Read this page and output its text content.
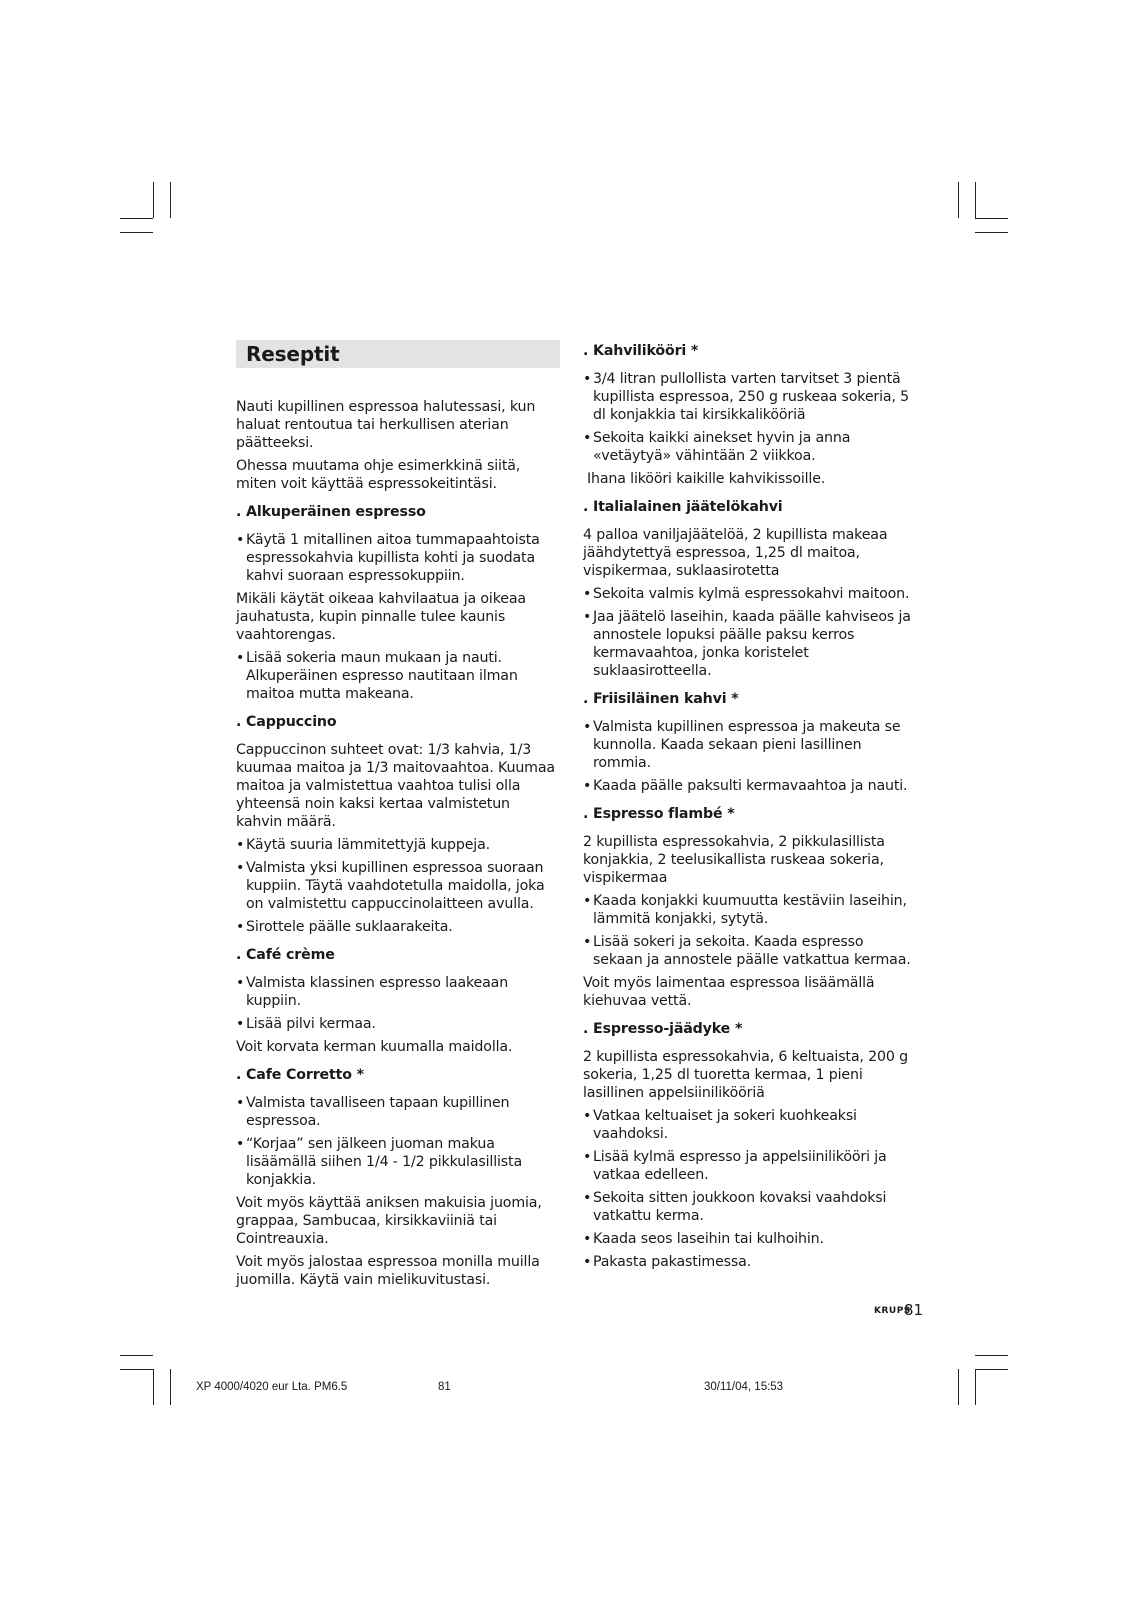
Reseptit

Nauti kupillinen espressoa halutessasi, kun haluat rentoutua tai herkullisen aterian päätteeksi.

Ohessa muutama ohje esimerkkinä siitä, miten voit käyttää espressokeitintäsi.

. Alkuperäinen espresso
• Käytä 1 mitallinen aitoa tummapaahtoista espressokahvia kupillista kohti ja suodata kahvi suoraan espressokuppiin.

Mikäli käytät oikeaa kahvilaatua ja oikeaa jauhatusta, kupin pinnalle tulee kaunis vaahtorengas.

• Lisää sokeria maun mukaan ja nauti. Alkuperäinen espresso nautitaan ilman maitoa mutta makeana.
. Cappuccino

Cappuccinon suhteet ovat: 1/3 kahvia, 1/3 kuumaa maitoa ja 1/3 maitovaahtoa. Kuumaa maitoa ja valmistettua vaahtoa tulisi olla yhteensä noin kaksi kertaa valmistetun kahvin määrä.

• Käytä suuria lämmitettyjä kuppeja.
• Valmista yksi kupillinen espressoa suoraan kuppiin. Täytä vaahdotetulla maidolla, joka on valmistettu cappuccinolaitteen avulla.
• Sirottele päälle suklaarakeita.
. Café crème
• Valmista klassinen espresso laakeaan kuppiin.
• Lisää pilvi kermaa.

Voit korvata kerman kuumalla maidolla.

. Cafe Corretto *
• Valmista tavalliseen tapaan kupillinen espressoa.
• “Korjaa” sen jälkeen juoman makua lisäämällä siihen 1/4 - 1/2 pikkulasillista konjakkia.

Voit myös käyttää aniksen makuisia juomia, grappaa, Sambucaa, kirsikkaviiniä tai Cointreauxia.

Voit myös jalostaa espressoa monilla muilla juomilla. Käytä vain mielikuvitustasi.

. Kahvilikööri *
• 3/4 litran pullollista varten tarvitset 3 pientä kupillista espressoa, 250 g ruskeaa sokeria, 5 dl konjakkia tai kirsikkalikööriä
• Sekoita kaikki ainekset hyvin ja anna «vetäytyä» vähintään 2 viikkoa.

Ihana likööri kaikille kahvikissoille.

. Italialainen jäätelökahvi

4 palloa vaniljajäätelöä, 2 kupillista makeaa jäähdytettyä espressoa, 1,25 dl maitoa, vispikermaa, suklaasirotetta

• Sekoita valmis kylmä espressokahvi maitoon.
• Jaa jäätelö laseihin, kaada päälle kahviseos ja annostele lopuksi päälle paksu kerros kermavaahtoa, jonka koristelet suklaasirotteella.
. Friisiläinen kahvi *
• Valmista kupillinen espressoa ja makeuta se kunnolla. Kaada sekaan pieni lasillinen rommia.
• Kaada päälle paksulti kermavaahtoa ja nauti.
. Espresso flambé *

2 kupillista espressokahvia, 2 pikkulasillista konjakkia, 2 teelusikallista ruskeaa sokeria, vispikermaa

• Kaada konjakki kuumuutta kestäviin laseihin, lämmitä konjakki, sytytä.
• Lisää sokeri ja sekoita. Kaada espresso sekaan ja annostele päälle vatkattua kermaa.

Voit myös laimentaa espressoa lisäämällä kiehuvaa vettä.

. Espresso-jäädyke *

2 kupillista espressokahvia, 6 keltuaista, 200 g sokeria, 1,25 dl tuoretta kermaa, 1 pieni lasillinen appelsiinilikööriä

• Vatkaa keltuaiset ja sokeri kuohkeaksi vaahdoksi.
• Lisää kylmä espresso ja appelsiinilikööri ja vatkaa edelleen.
• Sekoita sitten joukkoon kovaksi vaahdoksi vatkattu kerma.
• Kaada seos laseihin tai kulhoihin.
• Pakasta pakastimessa.
KRUPS
81
XP 4000/4020 eur Lta. PM6.5	81	30/11/04, 15:53
